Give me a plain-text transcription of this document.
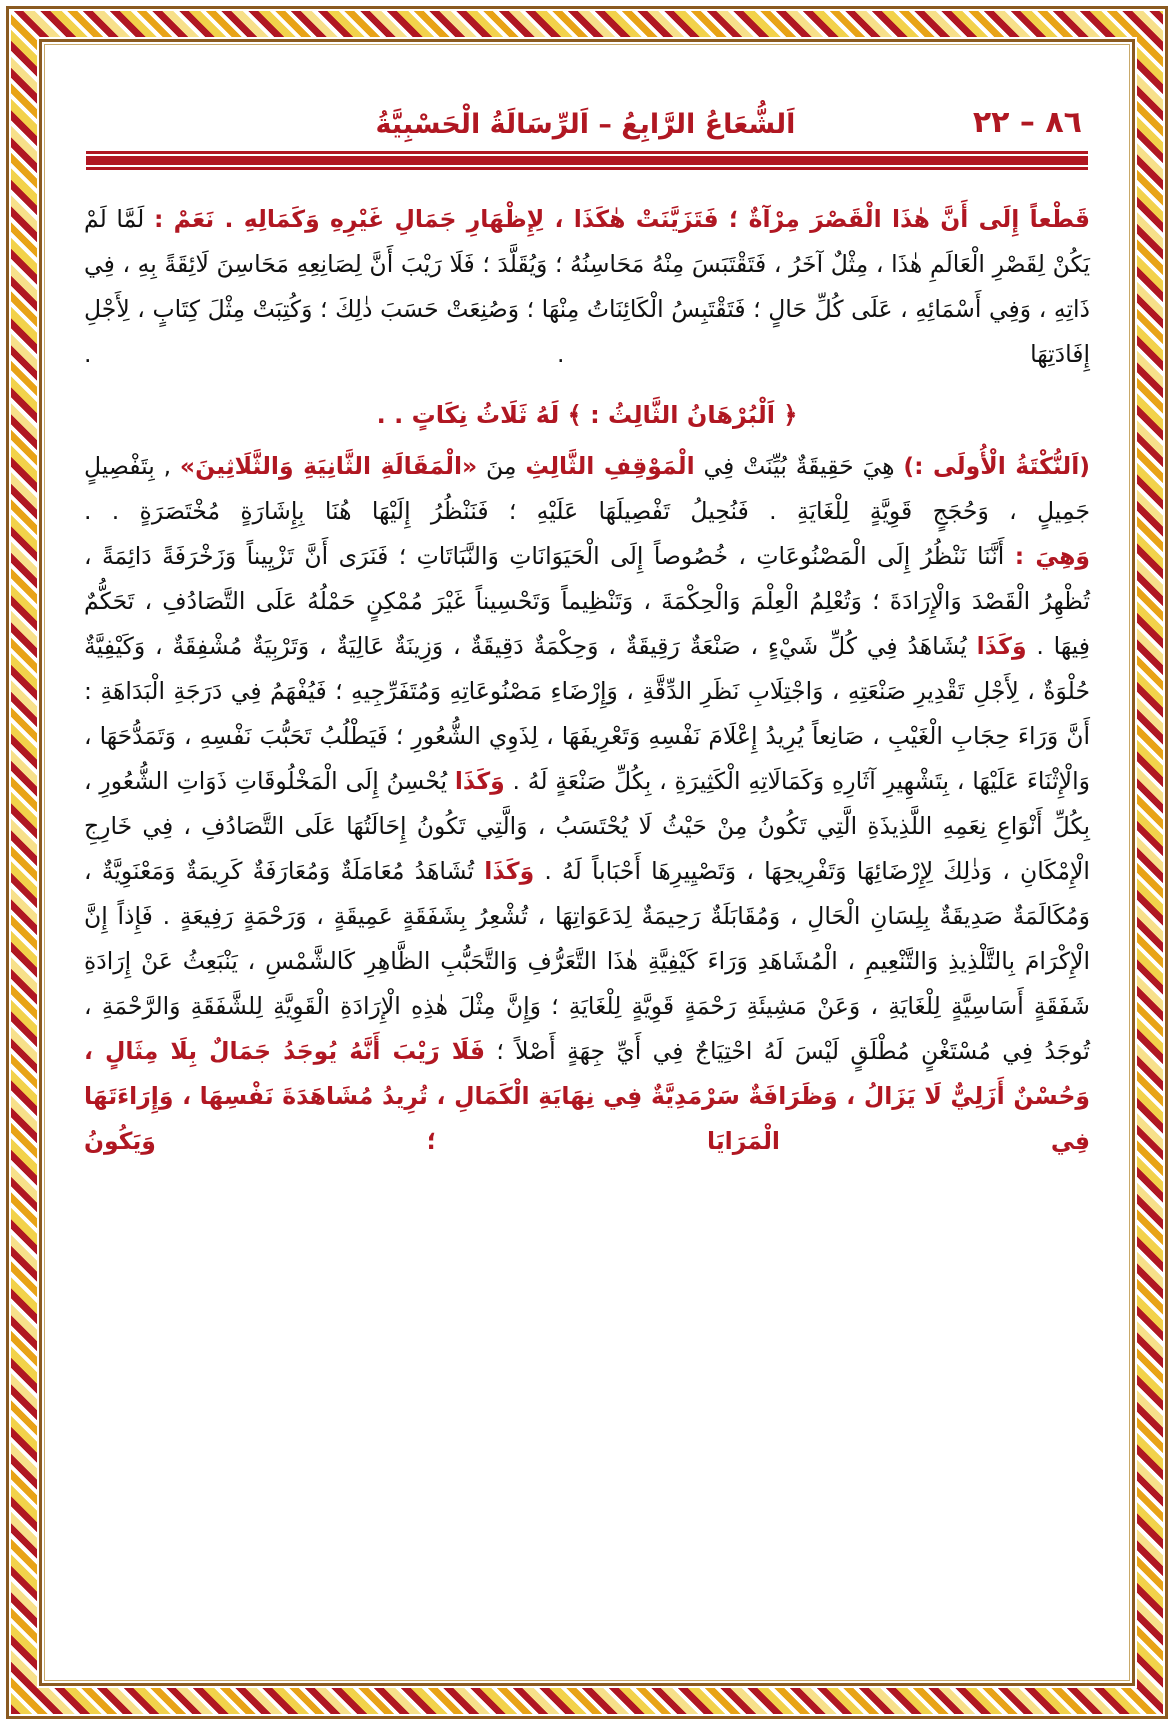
٨٦ – ٢٢
اَلشُّعَاعُ الرَّابِعُ – اَلرِّسَالَةُ الْحَسْبِيَّةُ

قَطْعاً إِلَى أَنَّ هٰذَا الْقَصْرَ مِرْآةٌ ؛ فَتَزَيَّنَتْ هٰكَذَا ، لِإِظْهَارِ جَمَالِ غَيْرِهِ وَكَمَالِهِ . نَعَمْ : لَمَّا لَمْ يَكُنْ لِقَصْرِ الْعَالَمِ هٰذَا ، مِثْلٌ آخَرُ ، فَتَقْتَبَسَ مِنْهُ مَحَاسِنُهُ ؛ وَيُقَلَّدَ ؛ فَلَا رَيْبَ أَنَّ لِصَانِعِهِ مَحَاسِنَ لَائِقَةً بِهِ ، فِي ذَاتِهِ ، وَفِي أَسْمَائِهِ ، عَلَى كُلِّ حَالٍ ؛ فَتَقْتَبِسُ الْكَائِنَاتُ مِنْهَا ؛ وَصُنِعَتْ حَسَبَ ذٰلِكَ ؛ وَكُتِبَتْ مِثْلَ كِتَابٍ ، لِأَجْلِ إِفَادَتِهَا . .

﴿ اَلْبُرْهَانُ الثَّالِثُ : ﴾ لَهُ ثَلَاثُ نِكَاتٍ . .

(اَلنُّكْتَةُ الْأُولَى :) هِيَ حَقِيقَةٌ بُيِّنَتْ فِي الْمَوْقِفِ الثَّالِثِ مِنَ «الْمَقَالَةِ الثَّانِيَةِ وَالثَّلَاثِينَ» , بِتَفْصِيلٍ جَمِيلٍ ، وَحُجَجٍ قَوِيَّةٍ لِلْغَايَةِ . فَنُحِيلُ تَفْصِيلَهَا عَلَيْهِ ؛ فَنَنْظُرُ إِلَيْهَا هُنَا بِإِشَارَةٍ مُخْتَصَرَةٍ . .

وَهِيَ : أَنَّنَا نَنْظُرُ إِلَى الْمَصْنُوعَاتِ ، خُصُوصاً إِلَى الْحَيَوَانَاتِ وَالنَّبَاتَاتِ ؛ فَنَرَى أَنَّ تَزْيِيناً وَزَخْرَفَةً دَائِمَةً ، تُظْهِرُ الْقَصْدَ وَالْإِرَادَةَ ؛ وَتُعْلِمُ الْعِلْمَ وَالْحِكْمَةَ ، وَتَنْظِيماً وَتَحْسِيناً غَيْرَ مُمْكِنٍ حَمْلُهُ عَلَى التَّصَادُفِ ، تَحَكُّمٌ فِيهَا . وَكَذَا يُشَاهَدُ فِي كُلِّ شَيْءٍ ، صَنْعَةٌ رَقِيقَةٌ ، وَحِكْمَةٌ دَقِيقَةٌ ، وَزِينَةٌ عَالِيَةٌ ، وَتَرْبِيَةٌ مُشْفِقَةٌ ، وَكَيْفِيَّةٌ حُلْوَةٌ ، لِأَجْلِ تَقْدِيرِ صَنْعَتِهِ ، وَاجْتِلَابِ نَظَرِ الدِّقَّةِ ، وَإِرْضَاءِ مَصْنُوعَاتِهِ وَمُتَفَرِّجِيهِ ؛ فَيُفْهَمُ فِي دَرَجَةِ الْبَدَاهَةِ : أَنَّ وَرَاءَ حِجَابِ الْغَيْبِ ، صَانِعاً يُرِيدُ إِعْلَامَ نَفْسِهِ وَتَعْرِيفَهَا ، لِذَوِي الشُّعُورِ ؛ فَيَطْلُبُ تَحَبُّبَ نَفْسِهِ ، وَتَمَدُّحَهَا ، وَالْإِثْنَاءَ عَلَيْهَا ، بِتَشْهِيرِ آثَارِهِ وَكَمَالَاتِهِ الْكَثِيرَةِ ، بِكُلِّ صَنْعَةٍ لَهُ . وَكَذَا يُحْسِنُ إِلَى الْمَخْلُوقَاتِ ذَوَاتِ الشُّعُورِ ، بِكُلِّ أَنْوَاعِ نِعَمِهِ اللَّذِيذَةِ الَّتِي تَكُونُ مِنْ حَيْثُ لَا يُحْتَسَبُ ، وَالَّتِي تَكُونُ إِحَالَتُهَا عَلَى التَّصَادُفِ ، فِي خَارِجِ الْإِمْكَانِ ، وَذٰلِكَ لِإِرْضَائِهَا وَتَفْرِيحِهَا ، وَتَصْيِيرِهَا أَحْبَاباً لَهُ . وَكَذَا تُشَاهَدُ مُعَامَلَةٌ وَمُعَارَفَةٌ كَرِيمَةٌ وَمَعْنَوِيَّةٌ ، وَمُكَالَمَةٌ صَدِيقَةٌ بِلِسَانِ الْحَالِ ، وَمُقَابَلَةٌ رَحِيمَةٌ لِدَعَوَاتِهَا ، تُشْعِرُ بِشَفَقَةٍ عَمِيقَةٍ ، وَرَحْمَةٍ رَفِيعَةٍ . فَإِذاً إِنَّ الْإِكْرَامَ بِالتَّلْذِيذِ وَالتَّنْعِيمِ ، الْمُشَاهَدِ وَرَاءَ كَيْفِيَّةِ هٰذَا التَّعَرُّفِ وَالتَّحَبُّبِ الظَّاهِرِ كَالشَّمْسِ ، يَنْبَعِثُ عَنْ إِرَادَةِ شَفَقَةٍ أَسَاسِيَّةٍ لِلْغَايَةِ ، وَعَنْ مَشِيئَةِ رَحْمَةٍ قَوِيَّةٍ لِلْغَايَةِ ؛ وَإِنَّ مِثْلَ هٰذِهِ الْإِرَادَةِ الْقَوِيَّةِ لِلشَّفَقَةِ وَالرَّحْمَةِ ، تُوجَدُ فِي مُسْتَغْنٍ مُطْلَقٍ لَيْسَ لَهُ احْتِيَاجٌ فِي أَيِّ جِهَةٍ أَصْلاً ؛ فَلَا رَيْبَ أَنَّهُ يُوجَدُ جَمَالٌ بِلَا مِثَالٍ ، وَحُسْنٌ أَزَلِيٌّ لَا يَزَالُ ، وَظَرَافَةٌ سَرْمَدِيَّةٌ فِي نِهَايَةِ الْكَمَالِ ، تُرِيدُ مُشَاهَدَةَ نَفْسِهَا ، وَإِرَاءَتَهَا فِي الْمَرَايَا ؛ وَيَكُونُ
